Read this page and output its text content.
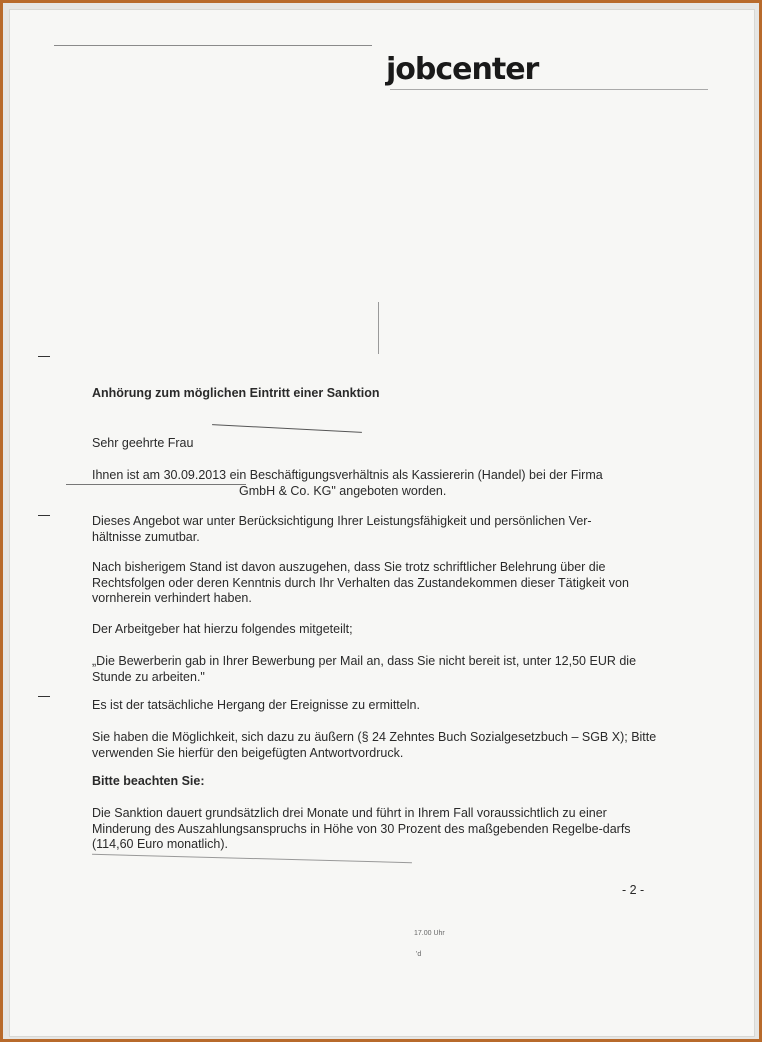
jobcenter
Anhörung zum möglichen Eintritt einer Sanktion
Sehr geehrte Frau
Ihnen ist am 30.09.2013 ein Beschäftigungsverhältnis als Kassiererin (Handel) bei der Firma
GmbH & Co. KG" angeboten worden.
Dieses Angebot war unter Berücksichtigung Ihrer Leistungsfähigkeit und persönlichen Ver-
hältnisse zumutbar.
Nach bisherigem Stand ist davon auszugehen, dass Sie trotz schriftlicher Belehrung über die Rechtsfolgen oder deren Kenntnis durch Ihr Verhalten das Zustandekommen dieser Tätigkeit von vornherein verhindert haben.
Der Arbeitgeber hat hierzu folgendes mitgeteilt;
„Die Bewerberin gab in Ihrer Bewerbung per Mail an, dass Sie nicht bereit ist, unter 12,50 EUR die Stunde zu arbeiten."
Es ist der tatsächliche Hergang der Ereignisse zu ermitteln.
Sie haben die Möglichkeit, sich dazu zu äußern (§ 24 Zehntes Buch Sozialgesetzbuch – SGB X); Bitte verwenden Sie hierfür den beigefügten Antwortvordruck.
Bitte beachten Sie:
Die Sanktion dauert grundsätzlich drei Monate und führt in Ihrem Fall voraussichtlich zu einer Minderung des Auszahlungsanspruchs in Höhe von 30 Prozent des maßgebenden Regelbe-darfs (114,60 Euro monatlich).
- 2 -
17.00 Uhr
'd
